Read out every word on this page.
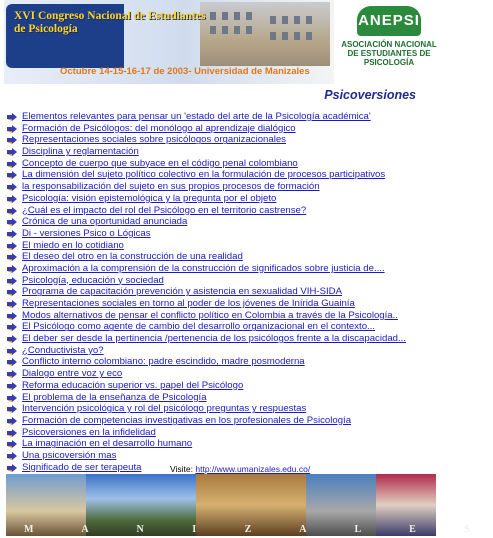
XVI Congreso Nacional de Estudiantes de Psicología
Octubre 14-15-16-17 de 2003- Universidad de Manizales
ANEPSI
ASOCIACIÓN NACIONAL DE ESTUDIANTES DE PSICOLOGÍA
Psicoversiones
Elementos relevantes para pensar un 'estado del arte de la Psicología académica'
Formación de Psicólogos: del monólogo al aprendizaje dialógico
Representaciones sociales sobre psicólogos organizacionales
Disciplina y reglamentación
Concepto de cuerpo que subyace en el código penal colombiano
La dimensión del sujeto político colectivo en la formulación de procesos participativos
la responsabilización del sujeto en sus propios procesos de formación
Psicología: visión epistemológica y la pregunta por el objeto
¿Cuál es el impacto del rol del Psicólogo en el territorio castrense?
Crónica de una oportunidad anunciada
Di - versiones Psico o Lógicas
El miedo en lo cotidiano
El deseo del otro en la construcción de una realidad
Aproximación a la comprensión de la construcción de significados sobre justicia de....
Psicología, educación y sociedad
Programa de capacitación prevención y asistencia en sexualidad VIH-SIDA
Representaciones sociales en torno al poder de los jóvenes de Inírida Guainía
Modos alternativos de pensar el conflicto político en Colombia a través de la Psicología..
El Psicólogo como agente de cambio del desarrollo organizacional en el contexto...
El deber ser desde la pertinencia /pertenencia de los psicólogos frente a la discapacidad...
¿Conductivista yo?
Conflicto interno colombiano: padre escindido, madre posmoderna
Dialogo entre voz y eco
Reforma educación superior vs. papel del Psicólogo
El problema de la enseñanza de Psicología
Intervención psicológica y rol del psicólogo preguntas y respuestas
Formación de competencias investigativas en los profesionales de Psicología
Psicoversiones en la infidelidad
La imaginación en el desarrollo humano
Una psicoversión mas
Significado de ser terapeuta	Visite: http://www.umanizales.edu.co/
M A N I Z A L E S
